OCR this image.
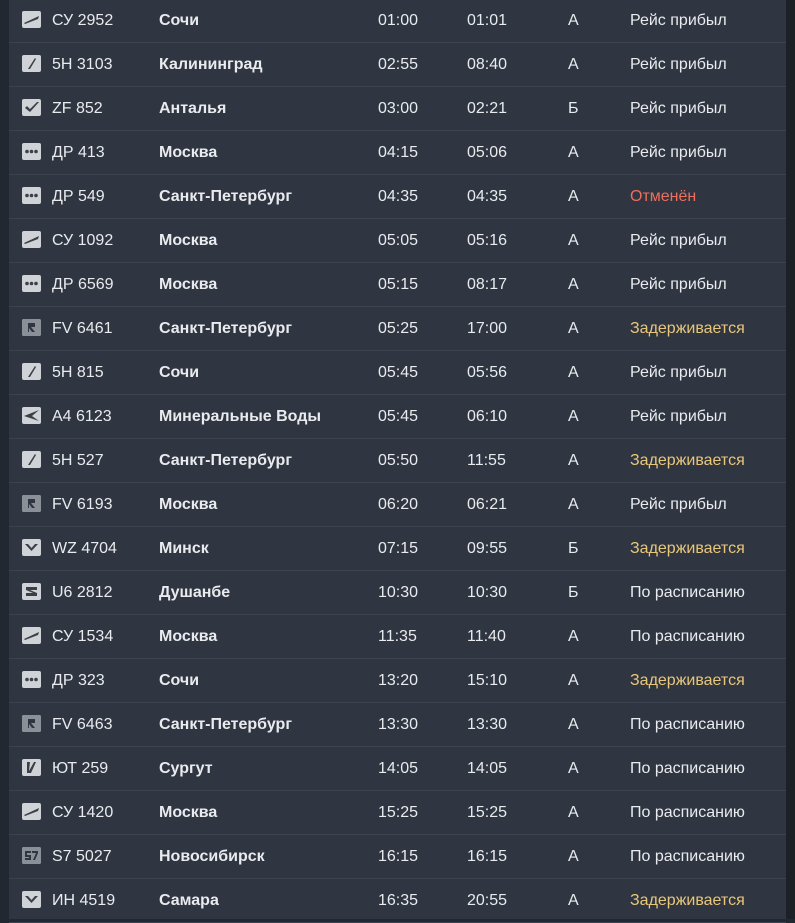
СУ 2952	Сочи	01:00	01:01	A	Рейс прибыл
5Н 3103	Калининград	02:55	08:40	A	Рейс прибыл
ZF 852	Анталья	03:00	02:21	Б	Рейс прибыл
ДР 413	Москва	04:15	05:06	A	Рейс прибыл
ДР 549	Санкт-Петербург	04:35	04:35	A	Отменён
СУ 1092	Москва	05:05	05:16	A	Рейс прибыл
ДР 6569	Москва	05:15	08:17	A	Рейс прибыл
FV 6461	Санкт-Петербург	05:25	17:00	A	Задерживается
5Н 815	Сочи	05:45	05:56	A	Рейс прибыл
А4 6123	Минеральные Воды	05:45	06:10	A	Рейс прибыл
5Н 527	Санкт-Петербург	05:50	11:55	A	Задерживается
FV 6193	Москва	06:20	06:21	A	Рейс прибыл
WZ 4704	Минск	07:15	09:55	Б	Задерживается
U6 2812	Душанбе	10:30	10:30	Б	По расписанию
СУ 1534	Москва	11:35	11:40	A	По расписанию
ДР 323	Сочи	13:20	15:10	A	Задерживается
FV 6463	Санкт-Петербург	13:30	13:30	A	По расписанию
ЮТ 259	Сургут	14:05	14:05	A	По расписанию
СУ 1420	Москва	15:25	15:25	A	По расписанию
S7 5027	Новосибирск	16:15	16:15	A	По расписанию
ИН 4519	Самара	16:35	20:55	A	Задерживается
